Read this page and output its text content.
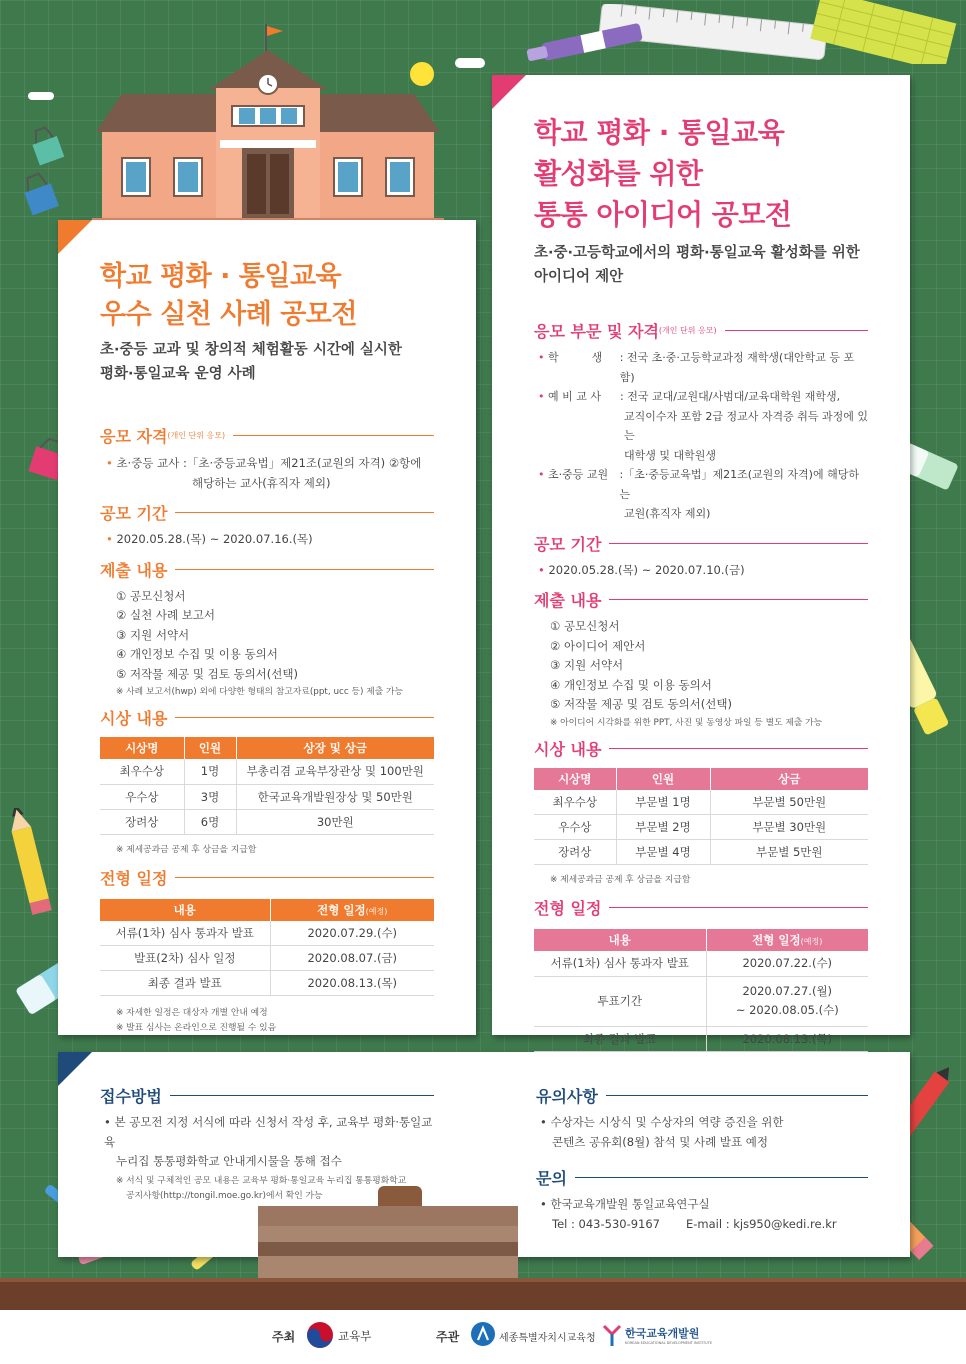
학교 평화 · 통일교육
우수 실천 사례 공모전
초·중등 교과 및 창의적 체험활동 시간에 실시한
평화·통일교육 운영 사례
응모 자격 (개인 단위 응모)
• 초·중등 교사 :「초·중등교육법」제21조(교원의 자격) ②항에
해당하는 교사(휴직자 제외)
공모 기간
• 2020.05.28.(목) ~ 2020.07.16.(목)
제출 내용
① 공모신청서
② 실천 사례 보고서
③ 지원 서약서
④ 개인정보 수집 및 이용 동의서
⑤ 저작물 제공 및 검토 동의서(선택)
※ 사례 보고서(hwp) 외에 다양한 형태의 참고자료(ppt, ucc 등) 제출 가능
시상 내용
시상명	인원	상장 및 상금
최우수상	1명	부총리겸 교육부장관상 및 100만원
우수상	3명	한국교육개발원장상 및 50만원
장려상	6명	30만원
※ 제세공과금 공제 후 상금을 지급함
전형 일정
내용	전형 일정(예정)
서류(1차) 심사 통과자 발표	2020.07.29.(수)
발표(2차) 심사 일정	2020.08.07.(금)
최종 결과 발표	2020.08.13.(목)
※ 자세한 일정은 대상자 개별 안내 예정
※ 발표 심사는 온라인으로 진행될 수 있음
학교 평화 · 통일교육
활성화를 위한
통통 아이디어 공모전
초·중·고등학교에서의 평화·통일교육 활성화를 위한
아이디어 제안
응모 부문 및 자격 (개인 단위 응모)
• 학　　　생	: 전국 초·중·고등학교과정 재학생(대안학교 등 포함)
• 예 비 교 사	: 전국 교대/교원대/사범대/교육대학원 재학생,
교직이수자 포함 2급 정교사 자격증 취득 과정에 있는
대학생 및 대학원생
• 초·중등 교원	:「초·중등교육법」제21조(교원의 자격)에 해당하는
교원(휴직자 제외)
공모 기간
• 2020.05.28.(목) ~ 2020.07.10.(금)
제출 내용
① 공모신청서
② 아이디어 제안서
③ 지원 서약서
④ 개인정보 수집 및 이용 동의서
⑤ 저작물 제공 및 검토 동의서(선택)
※ 아이디어 시각화를 위한 PPT, 사진 및 동영상 파일 등 별도 제출 가능
시상 내용
시상명	인원	상금
최우수상	부문별 1명	부문별 50만원
우수상	부문별 2명	부문별 30만원
장려상	부문별 4명	부문별 5만원
※ 제세공과금 공제 후 상금을 지급함
전형 일정
내용	전형 일정(예정)
서류(1차) 심사 통과자 발표	2020.07.22.(수)
투표기간	2020.07.27.(월)
~ 2020.08.05.(수)

최종 결과 발표	2020.08.13.(목)
접수방법
• 본 공모전 지정 서식에 따라 신청서 작성 후, 교육부 평화·통일교육
누리집 통통평화학교 안내게시물을 통해 접수
※ 서식 및 구체적인 공모 내용은 교육부 평화·통일교육 누리집 통통평화학교
공지사항(http://tongil.moe.go.kr)에서 확인 가능
유의사항
• 수상자는 시상식 및 수상자의 역량 증진을 위한
콘텐츠 공유회(8월) 참석 및 사례 발표 예정
문의
• 한국교육개발원 통일교육연구실
Tel : 043-530-9167	E-mail : kjs950@kedi.re.kr
주최	교육부	주관	세종특별자치시교육청	한국교육개발원
KOREAN EDUCATIONAL DEVELOPMENT INSTITUTE
